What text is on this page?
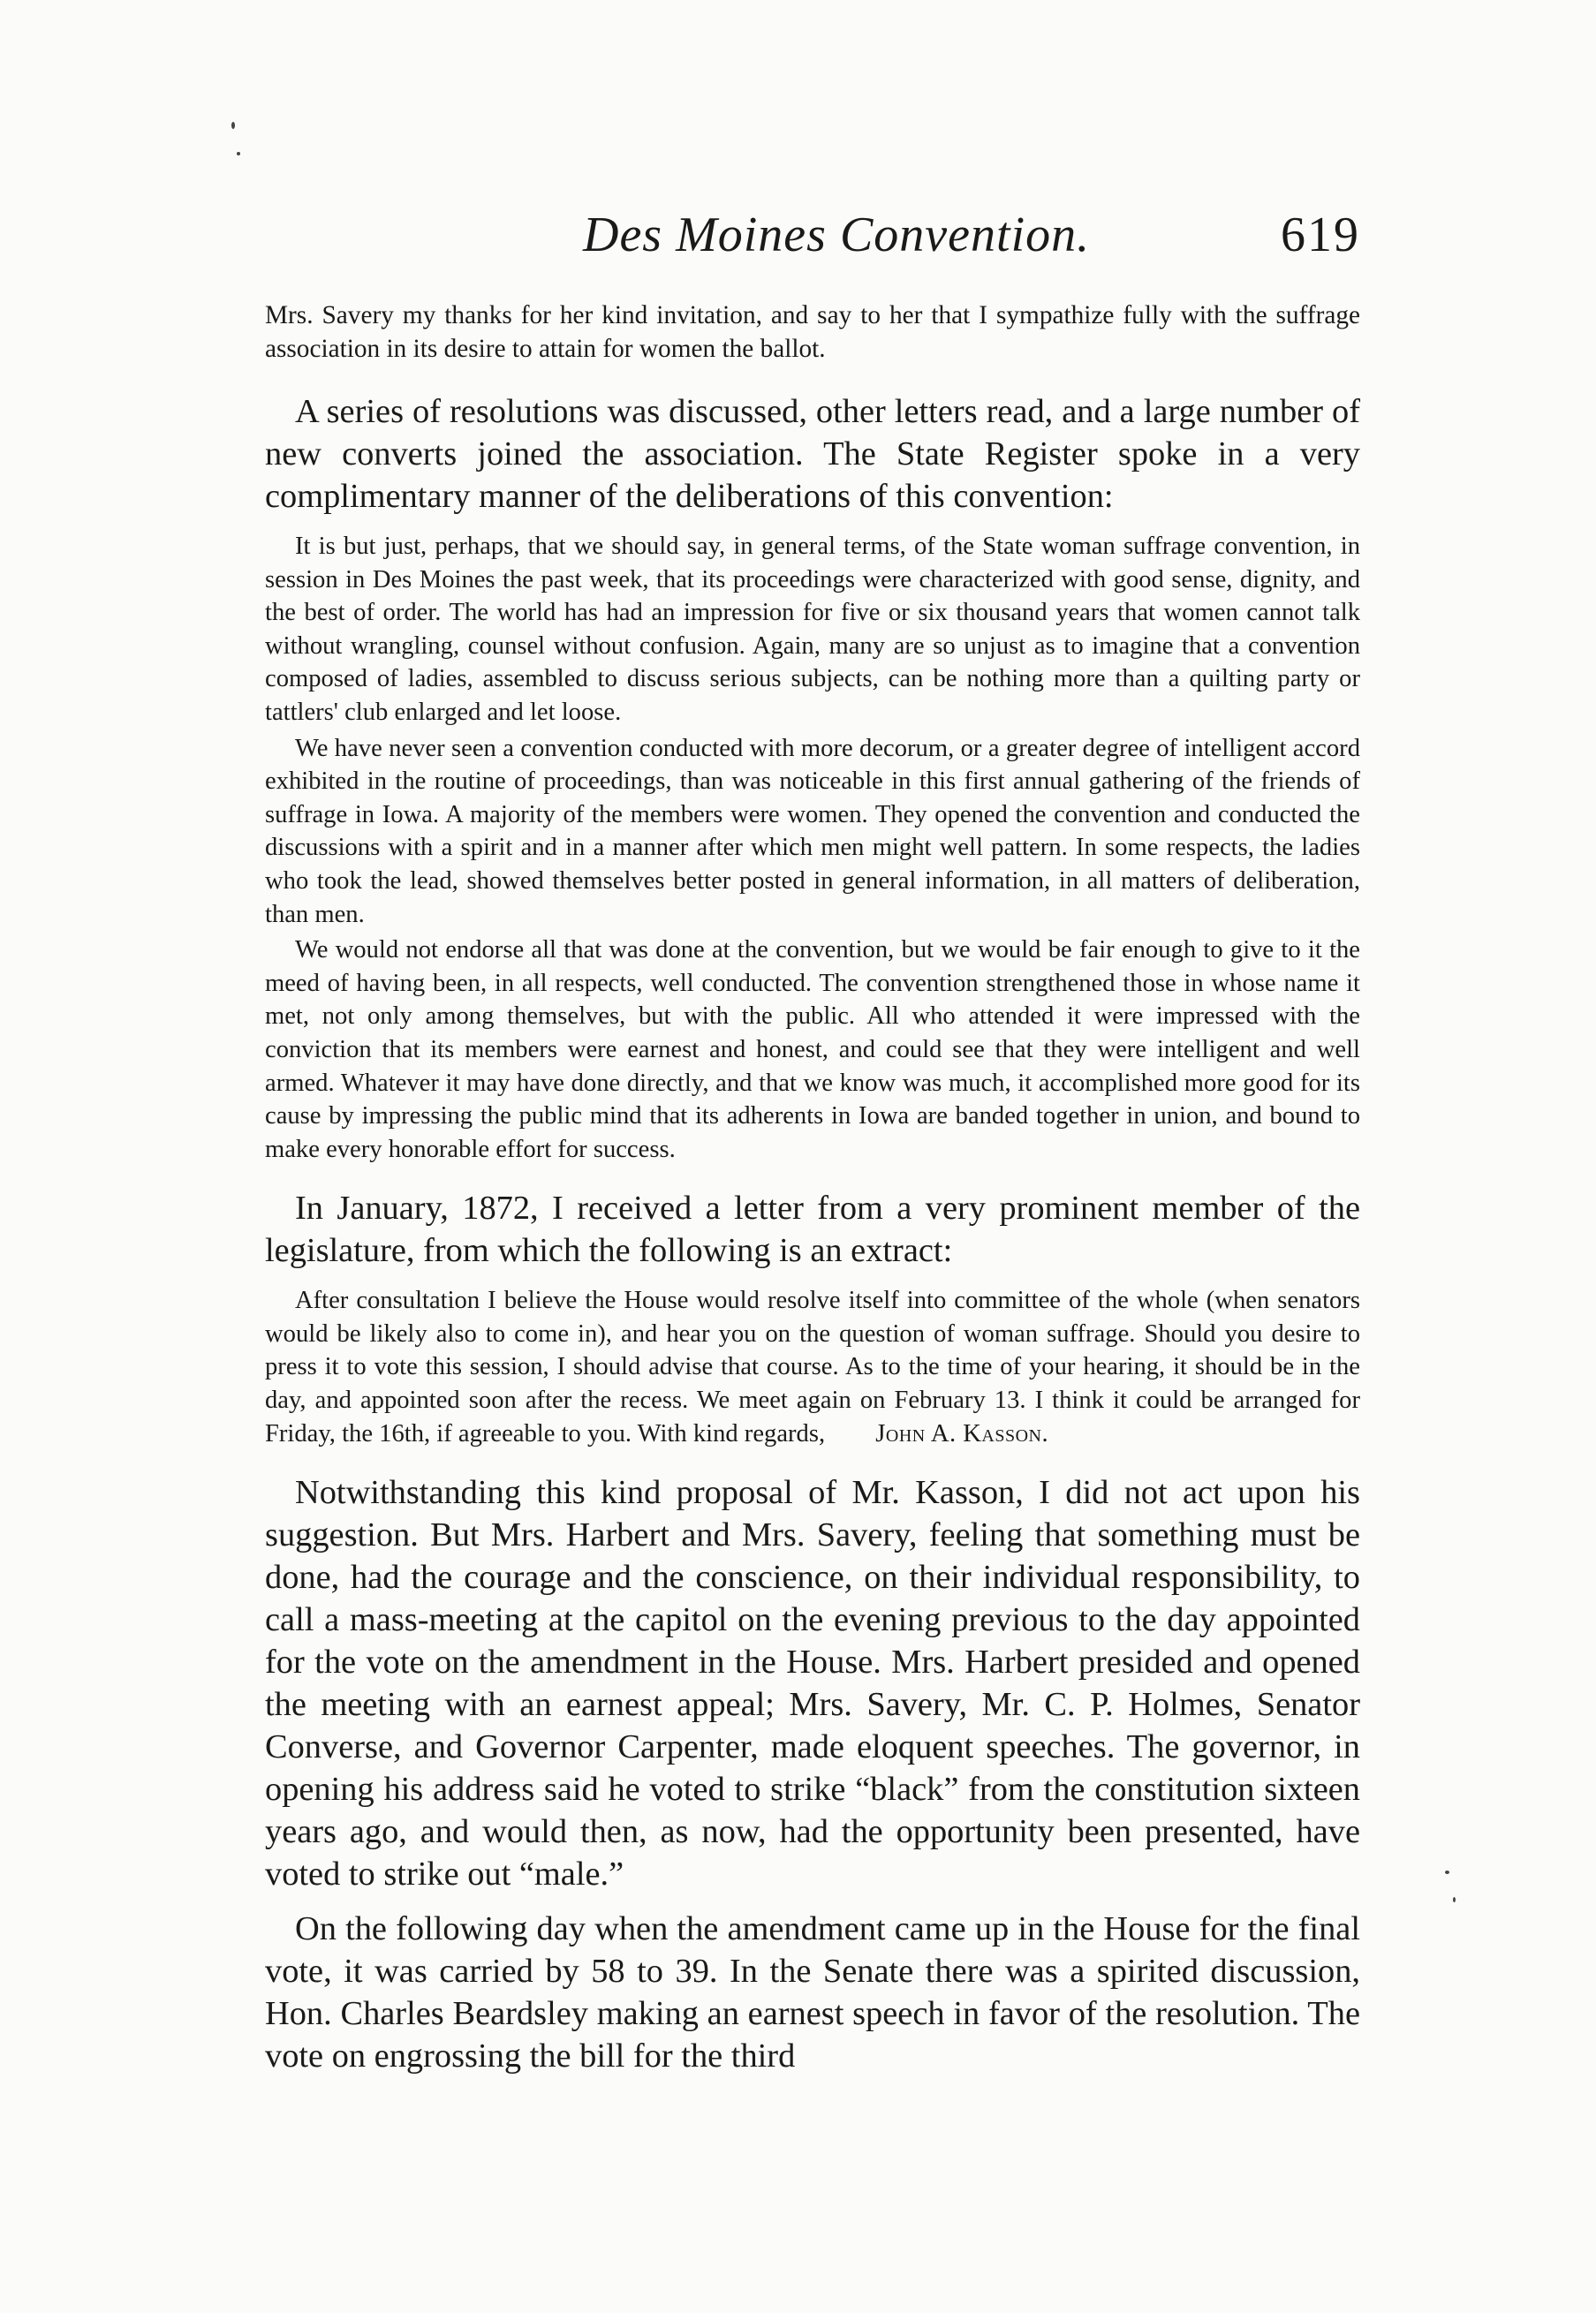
Des Moines Convention.	619

Mrs. Savery my thanks for her kind invitation, and say to her that I sympathize fully with the suffrage association in its desire to attain for women the ballot.

A series of resolutions was discussed, other letters read, and a large number of new converts joined the association. The State Register spoke in a very complimentary manner of the deliberations of this convention:

It is but just, perhaps, that we should say, in general terms, of the State woman suffrage convention, in session in Des Moines the past week, that its proceedings were characterized with good sense, dignity, and the best of order. The world has had an impression for five or six thousand years that women cannot talk without wrangling, counsel without confusion. Again, many are so unjust as to imagine that a convention composed of ladies, assembled to discuss serious subjects, can be nothing more than a quilting party or tattlers' club enlarged and let loose.

We have never seen a convention conducted with more decorum, or a greater degree of intelligent accord exhibited in the routine of proceedings, than was noticeable in this first annual gathering of the friends of suffrage in Iowa. A majority of the members were women. They opened the convention and conducted the discussions with a spirit and in a manner after which men might well pattern. In some respects, the ladies who took the lead, showed themselves better posted in general information, in all matters of deliberation, than men.

We would not endorse all that was done at the convention, but we would be fair enough to give to it the meed of having been, in all respects, well conducted. The convention strengthened those in whose name it met, not only among themselves, but with the public. All who attended it were impressed with the conviction that its members were earnest and honest, and could see that they were intelligent and well armed. Whatever it may have done directly, and that we know was much, it accomplished more good for its cause by impressing the public mind that its adherents in Iowa are banded together in union, and bound to make every honorable effort for success.

In January, 1872, I received a letter from a very prominent member of the legislature, from which the following is an extract:

After consultation I believe the House would resolve itself into committee of the whole (when senators would be likely also to come in), and hear you on the question of woman suffrage. Should you desire to press it to vote this session, I should advise that course. As to the time of your hearing, it should be in the day, and appointed soon after the recess. We meet again on February 13. I think it could be arranged for Friday, the 16th, if agreeable to you. With kind regards, John A. Kasson.

Notwithstanding this kind proposal of Mr. Kasson, I did not act upon his suggestion. But Mrs. Harbert and Mrs. Savery, feeling that something must be done, had the courage and the conscience, on their individual responsibility, to call a mass-meeting at the capitol on the evening previous to the day appointed for the vote on the amendment in the House. Mrs. Harbert presided and opened the meeting with an earnest appeal; Mrs. Savery, Mr. C. P. Holmes, Senator Converse, and Governor Carpenter, made eloquent speeches. The governor, in opening his address said he voted to strike “black” from the constitution sixteen years ago, and would then, as now, had the opportunity been presented, have voted to strike out “male.”

On the following day when the amendment came up in the House for the final vote, it was carried by 58 to 39. In the Senate there was a spirited discussion, Hon. Charles Beardsley making an earnest speech in favor of the resolution. The vote on engrossing the bill for the third
